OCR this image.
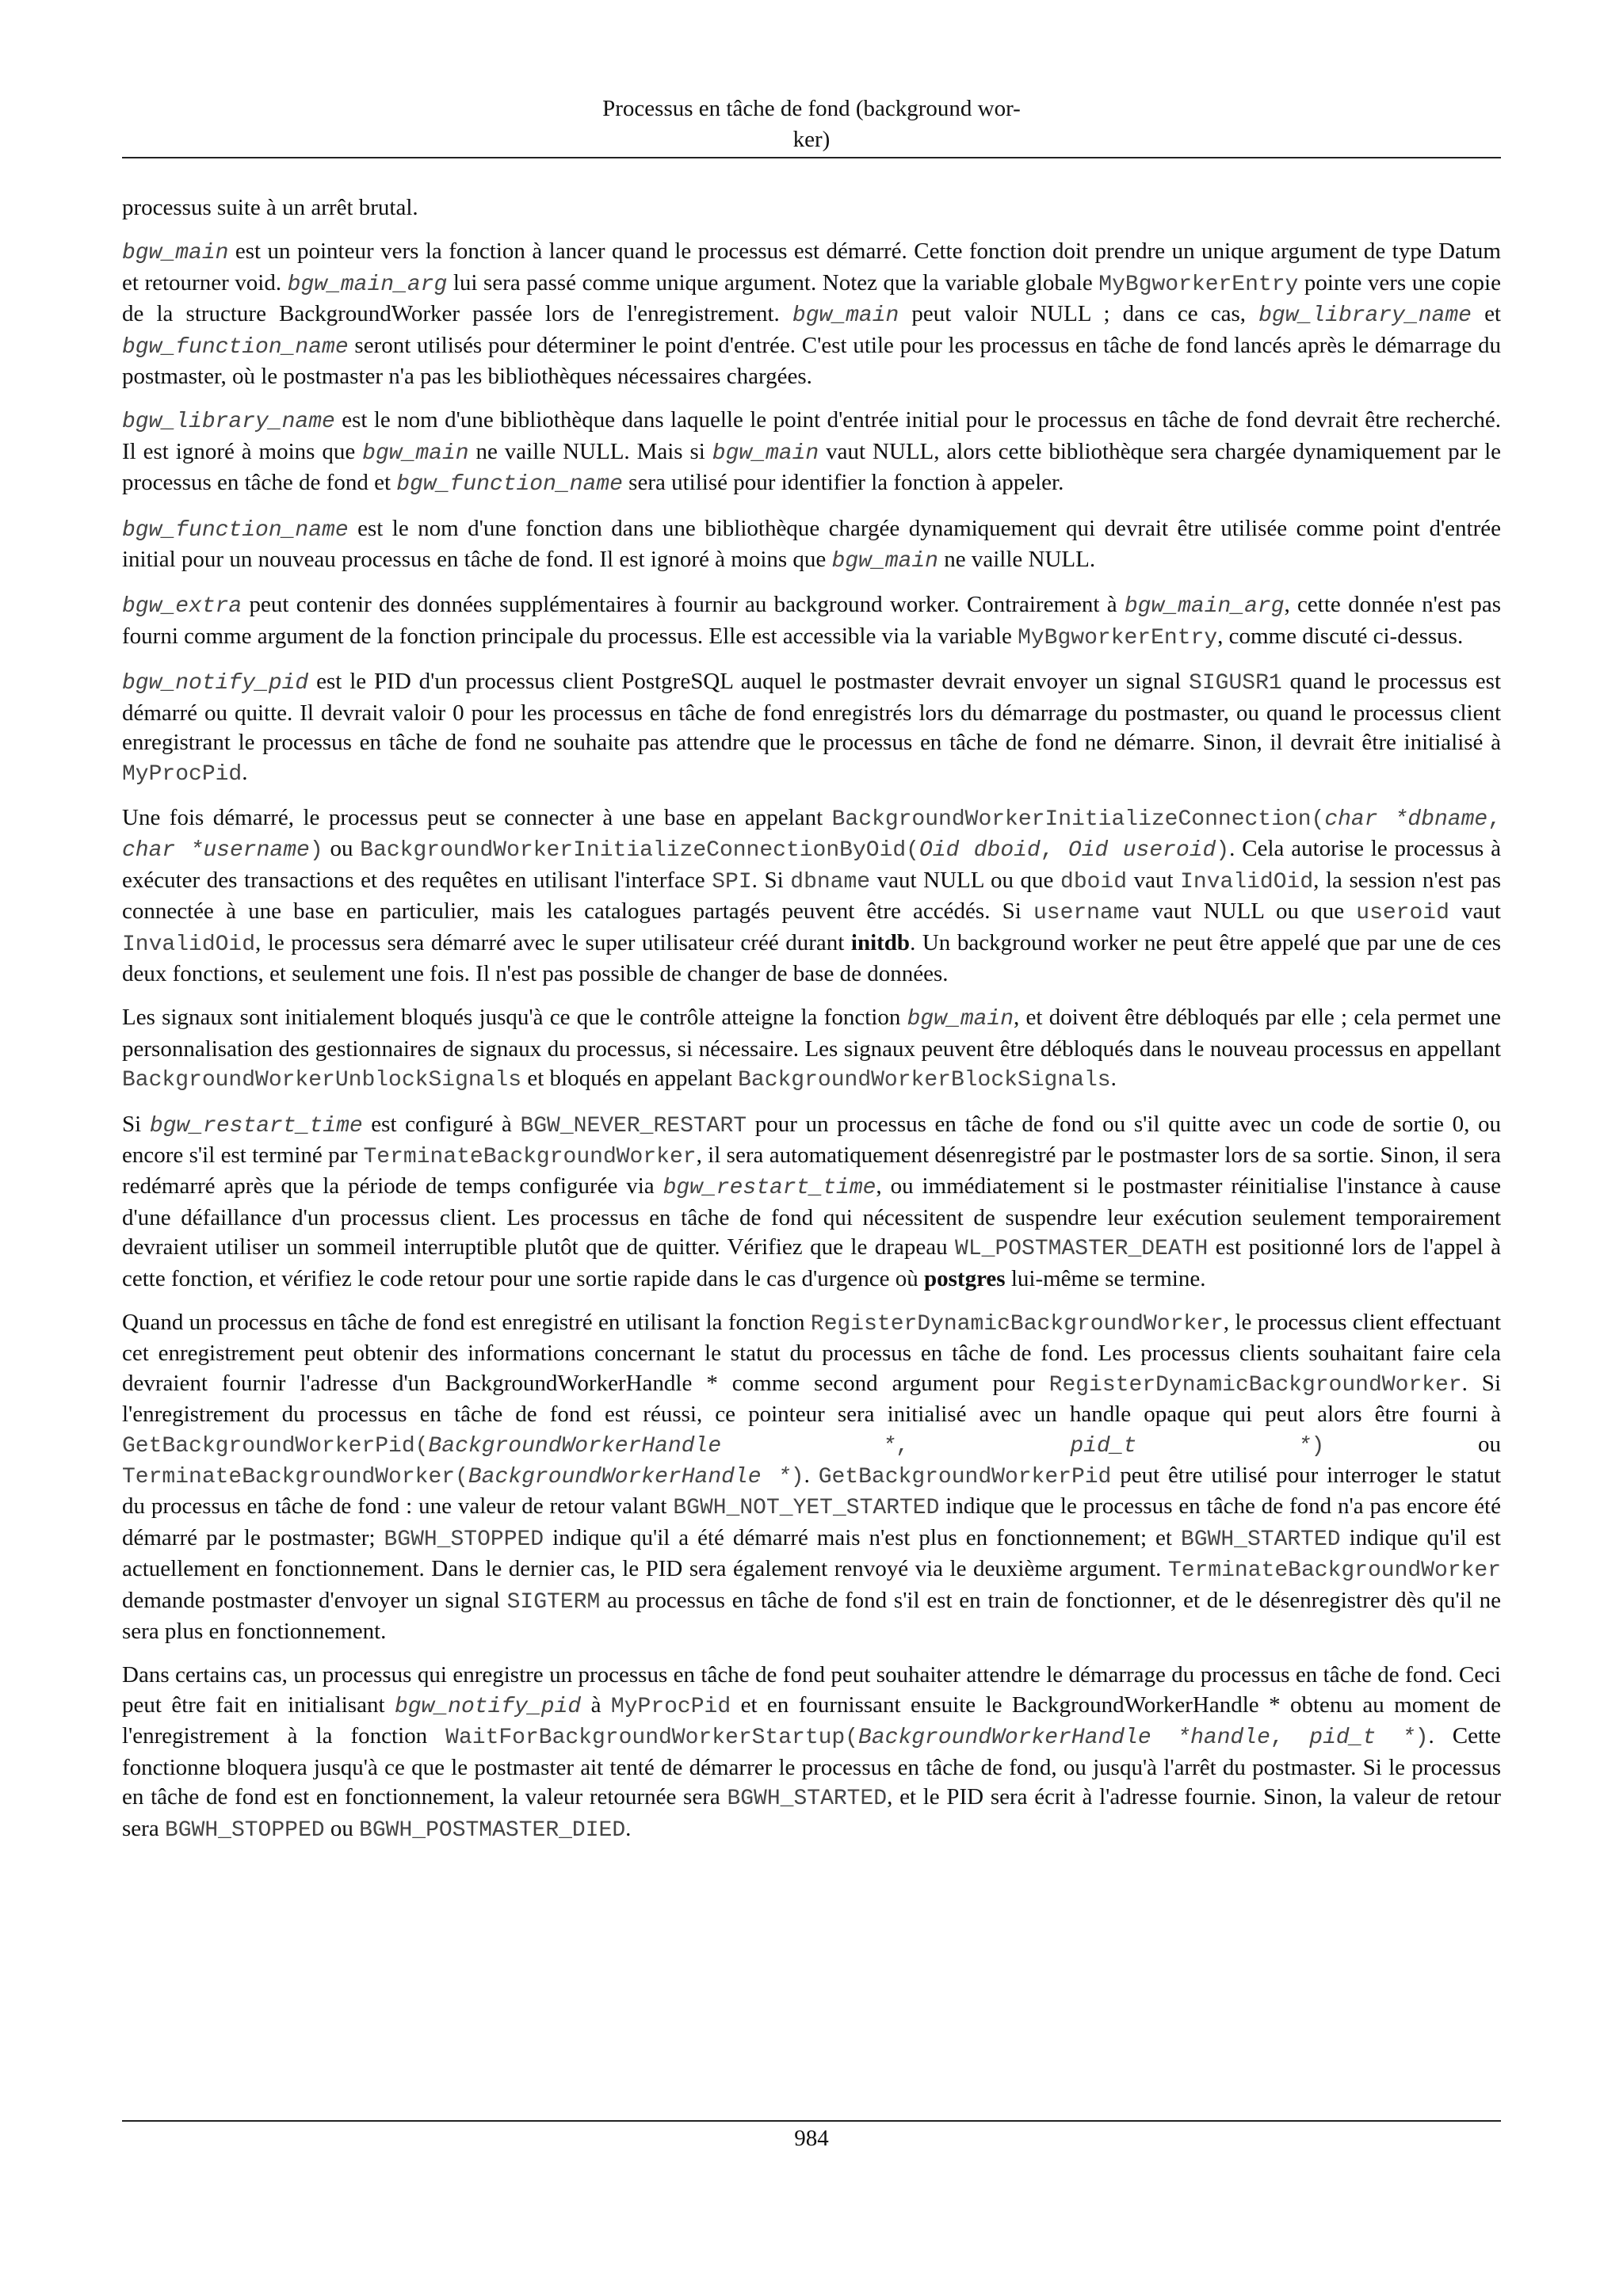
Processus en tâche de fond (background wor-
ker)

processus suite à un arrêt brutal.

bgw_main est un pointeur vers la fonction à lancer quand le processus est démarré. Cette fonction doit prendre un unique argument de type Datum et retourner void. bgw_main_arg lui sera passé comme unique argument. Notez que la variable globale MyBgworkerEntry pointe vers une copie de la structure BackgroundWorker passée lors de l'enregistrement. bgw_main peut valoir NULL ; dans ce cas, bgw_library_name et bgw_function_name seront utilisés pour déterminer le point d'entrée. C'est utile pour les processus en tâche de fond lancés après le démarrage du postmaster, où le postmaster n'a pas les bibliothèques nécessaires chargées.

bgw_library_name est le nom d'une bibliothèque dans laquelle le point d'entrée initial pour le processus en tâche de fond devrait être recherché. Il est ignoré à moins que bgw_main ne vaille NULL. Mais si bgw_main vaut NULL, alors cette bibliothèque sera chargée dynamiquement par le processus en tâche de fond et bgw_function_name sera utilisé pour identifier la fonction à appeler.

bgw_function_name est le nom d'une fonction dans une bibliothèque chargée dynamiquement qui devrait être utilisée comme point d'entrée initial pour un nouveau processus en tâche de fond. Il est ignoré à moins que bgw_main ne vaille NULL.

bgw_extra peut contenir des données supplémentaires à fournir au background worker. Contrairement à bgw_main_arg, cette donnée n'est pas fourni comme argument de la fonction principale du processus. Elle est accessible via la variable MyBgworkerEntry, comme discuté ci-dessus.

bgw_notify_pid est le PID d'un processus client PostgreSQL auquel le postmaster devrait envoyer un signal SIGUSR1 quand le processus est démarré ou quitte. Il devrait valoir 0 pour les processus en tâche de fond enregistrés lors du démarrage du postmaster, ou quand le processus client enregistrant le processus en tâche de fond ne souhaite pas attendre que le processus en tâche de fond ne démarre. Sinon, il devrait être initialisé à MyProcPid.

Une fois démarré, le processus peut se connecter à une base en appelant BackgroundWorkerInitializeConnection(char *dbname, char *username) ou BackgroundWorkerInitializeConnectionByOid(Oid dboid, Oid useroid). Cela autorise le processus à exécuter des transactions et des requêtes en utilisant l'interface SPI. Si dbname vaut NULL ou que dboid vaut InvalidOid, la session n'est pas connectée à une base en particulier, mais les catalogues partagés peuvent être accédés. Si username vaut NULL ou que useroid vaut InvalidOid, le processus sera démarré avec le super utilisateur créé durant initdb. Un background worker ne peut être appelé que par une de ces deux fonctions, et seulement une fois. Il n'est pas possible de changer de base de données.

Les signaux sont initialement bloqués jusqu'à ce que le contrôle atteigne la fonction bgw_main, et doivent être débloqués par elle ; cela permet une personnalisation des gestionnaires de signaux du processus, si nécessaire. Les signaux peuvent être débloqués dans le nouveau processus en appellant BackgroundWorkerUnblockSignals et bloqués en appelant BackgroundWorkerBlockSignals.

Si bgw_restart_time est configuré à BGW_NEVER_RESTART pour un processus en tâche de fond ou s'il quitte avec un code de sortie 0, ou encore s'il est terminé par TerminateBackgroundWorker, il sera automatiquement désenregistré par le postmaster lors de sa sortie. Sinon, il sera redémarré après que la période de temps configurée via bgw_restart_time, ou immédiatement si le postmaster réinitialise l'instance à cause d'une défaillance d'un processus client. Les processus en tâche de fond qui nécessitent de suspendre leur exécution seulement temporairement devraient utiliser un sommeil interruptible plutôt que de quitter. Vérifiez que le drapeau WL_POSTMASTER_DEATH est positionné lors de l'appel à cette fonction, et vérifiez le code retour pour une sortie rapide dans le cas d'urgence où postgres lui-même se termine.

Quand un processus en tâche de fond est enregistré en utilisant la fonction RegisterDynamicBackgroundWorker, le processus client effectuant cet enregistrement peut obtenir des informations concernant le statut du processus en tâche de fond. Les processus clients souhaitant faire cela devraient fournir l'adresse d'un BackgroundWorkerHandle * comme second argument pour RegisterDynamicBackgroundWorker. Si l'enregistrement du processus en tâche de fond est réussi, ce pointeur sera initialisé avec un handle opaque qui peut alors être fourni à GetBackgroundWorkerPid(BackgroundWorkerHandle *, pid_t *) ou TerminateBackgroundWorker(BackgroundWorkerHandle *). GetBackgroundWorkerPid peut être utilisé pour interroger le statut du processus en tâche de fond : une valeur de retour valant BGWH_NOT_YET_STARTED indique que le processus en tâche de fond n'a pas encore été démarré par le postmaster; BGWH_STOPPED indique qu'il a été démarré mais n'est plus en fonctionnement; et BGWH_STARTED indique qu'il est actuellement en fonctionnement. Dans le dernier cas, le PID sera également renvoyé via le deuxième argument. TerminateBackgroundWorker demande postmaster d'envoyer un signal SIGTERM au processus en tâche de fond s'il est en train de fonctionner, et de le désenregistrer dès qu'il ne sera plus en fonctionnement.

Dans certains cas, un processus qui enregistre un processus en tâche de fond peut souhaiter attendre le démarrage du processus en tâche de fond. Ceci peut être fait en initialisant bgw_notify_pid à MyProcPid et en fournissant ensuite le BackgroundWorkerHandle * obtenu au moment de l'enregistrement à la fonction WaitForBackgroundWorkerStartup(BackgroundWorkerHandle *handle, pid_t *). Cette fonctionne bloquera jusqu'à ce que le postmaster ait tenté de démarrer le processus en tâche de fond, ou jusqu'à l'arrêt du postmaster. Si le processus en tâche de fond est en fonctionnement, la valeur retournée sera BGWH_STARTED, et le PID sera écrit à l'adresse fournie. Sinon, la valeur de retour sera BGWH_STOPPED ou BGWH_POSTMASTER_DIED.

984
